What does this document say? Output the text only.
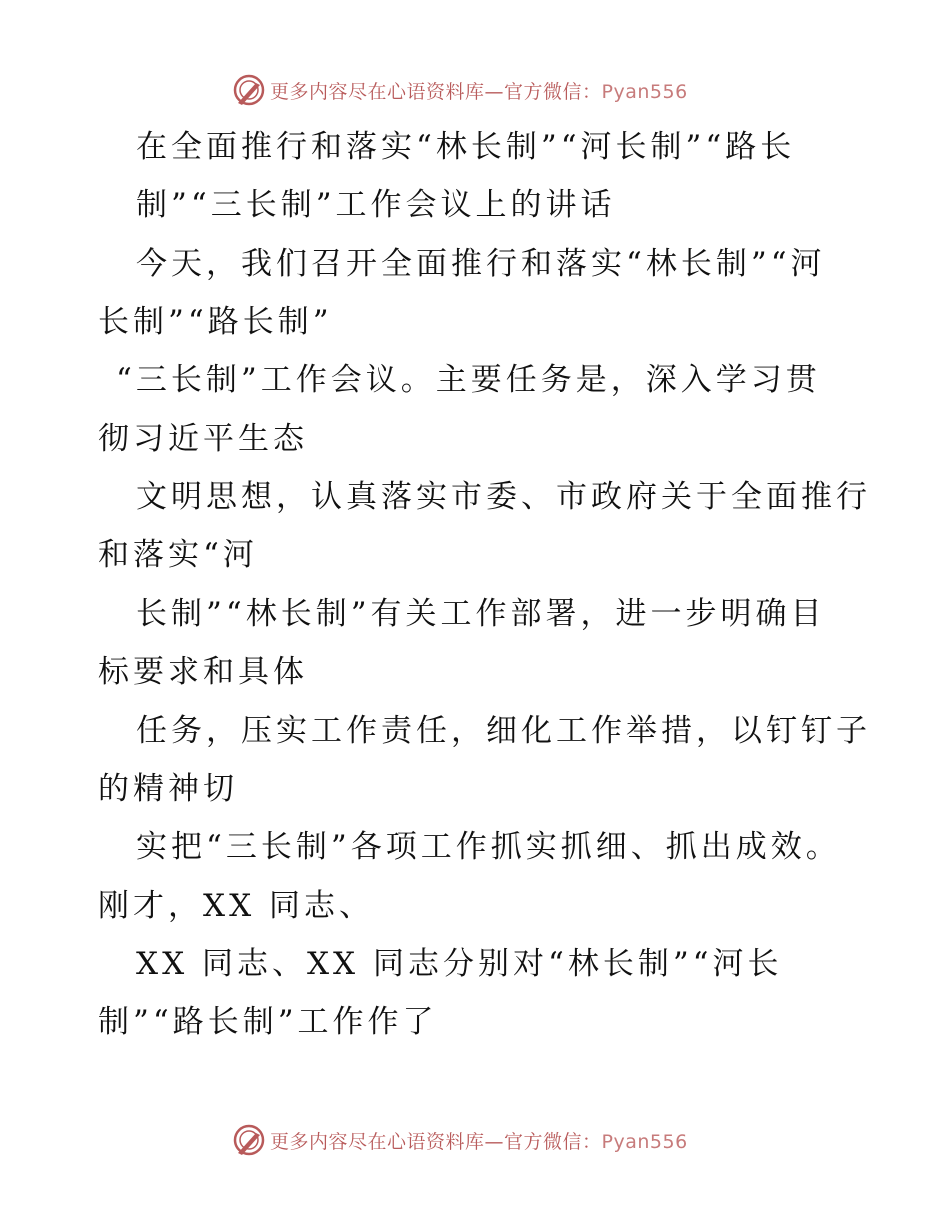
更多内容尽在心语资料库—官方微信：Pyan556
在全面推行和落实“林长制”“河长制”“路长
制”“三长制”工作会议上的讲话
今天，我们召开全面推行和落实“林长制”“河
长制”“路长制”
“三长制”工作会议。主要任务是，深入学习贯
彻习近平生态
文明思想，认真落实市委、市政府关于全面推行
和落实“河
长制”“林长制”有关工作部署，进一步明确目
标要求和具体
任务，压实工作责任，细化工作举措，以钉钉子
的精神切
实把“三长制”各项工作抓实抓细、抓出成效。
刚才，XX 同志、
XX 同志、XX 同志分别对“林长制”“河长
制”“路长制”工作作了
更多内容尽在心语资料库—官方微信：Pyan556
